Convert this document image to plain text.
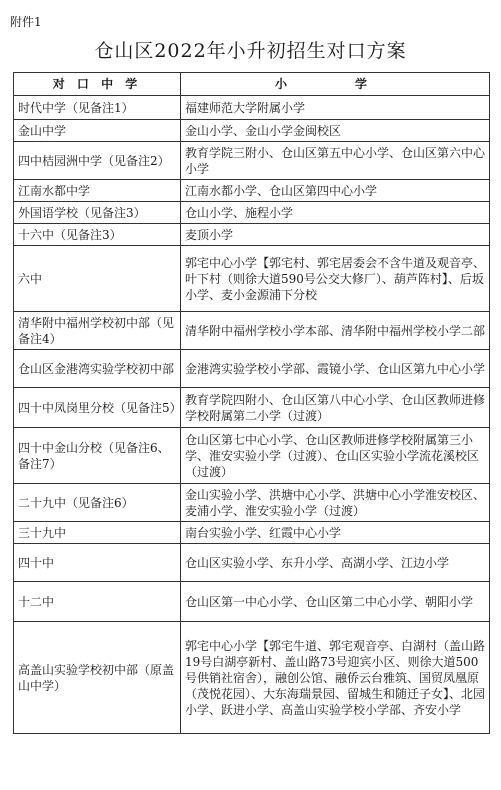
附件1
仓山区2022年小升初招生对口方案
对 口 中 学	小　学
时代中学（见备注1）	福建师范大学附属小学
金山中学	金山小学、金山小学金闽校区
四中桔园洲中学（见备注2）	教育学院三附小、仓山区第五中心小学、仓山区第六中心小学
江南水都中学	江南水都小学、仓山区第四中心小学
外国语学校（见备注3）	仓山小学、施程小学
十六中（见备注3）	麦顶小学
六中	郭宅中心小学【郭宅村、郭宅居委会不含牛道及观音亭、叶下村（则徐大道590号公交大修厂）、葫芦阵村】、后坂小学、麦小金源浦下分校
清华附中福州学校初中部（见备注4）	清华附中福州学校小学本部、清华附中福州学校小学二部
仓山区金港湾实验学校初中部	金港湾实验学校小学部、霞镜小学、仓山区第九中心小学
四十中凤岗里分校（见备注5）	教育学院四附小、仓山区第八中心小学、仓山区教师进修学校附属第二小学（过渡）
四十中金山分校（见备注6、备注7）	仓山区第七中心小学、仓山区教师进修学校附属第三小学、淮安实验小学（过渡）、仓山区实验小学流花溪校区（过渡）
二十九中（见备注6）	金山实验小学、洪塘中心小学、洪塘中心小学淮安校区、麦浦小学、淮安实验小学（过渡）
三十九中	南台实验小学、红霞中心小学
四十中	仓山区实验小学、东升小学、高湖小学、江边小学
十二中	仓山区第一中心小学、仓山区第二中心小学、朝阳小学
高盖山实验学校初中部（原盖山中学）	郭宅中心小学【郭宅牛道、郭宅观音亭、白湖村（盖山路19号白湖亭新村、盖山路73号迎宾小区、则徐大道500号供销社宿舍），融创公馆、融侨云台雅筑、国贸凤凰原（茂悦花园）、大东海瑞景园、留城生和随迁子女】、北园小学、跃进小学、高盖山实验学校小学部、齐安小学
